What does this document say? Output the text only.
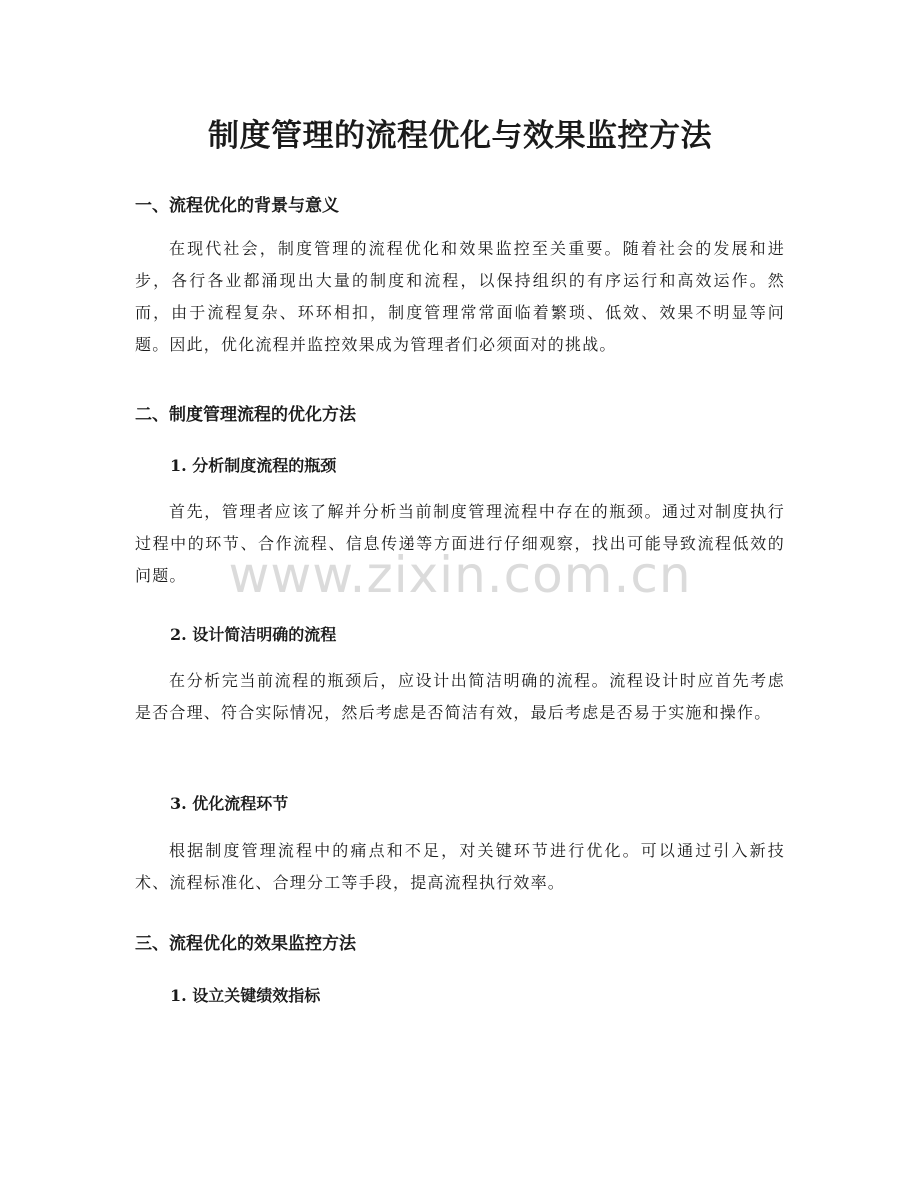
制度管理的流程优化与效果监控方法
一、流程优化的背景与意义

在现代社会，制度管理的流程优化和效果监控至关重要。随着社会的发展和进步，各行各业都涌现出大量的制度和流程，以保持组织的有序运行和高效运作。然而，由于流程复杂、环环相扣，制度管理常常面临着繁琐、低效、效果不明显等问题。因此，优化流程并监控效果成为管理者们必须面对的挑战。

二、制度管理流程的优化方法
1. 分析制度流程的瓶颈

首先，管理者应该了解并分析当前制度管理流程中存在的瓶颈。通过对制度执行过程中的环节、合作流程、信息传递等方面进行仔细观察，找出可能导致流程低效的问题。

2. 设计简洁明确的流程

在分析完当前流程的瓶颈后，应设计出简洁明确的流程。流程设计时应首先考虑是否合理、符合实际情况，然后考虑是否简洁有效，最后考虑是否易于实施和操作。

3. 优化流程环节

根据制度管理流程中的痛点和不足，对关键环节进行优化。可以通过引入新技术、流程标准化、合理分工等手段，提高流程执行效率。

三、流程优化的效果监控方法
1. 设立关键绩效指标
www.zixin.com.cn
